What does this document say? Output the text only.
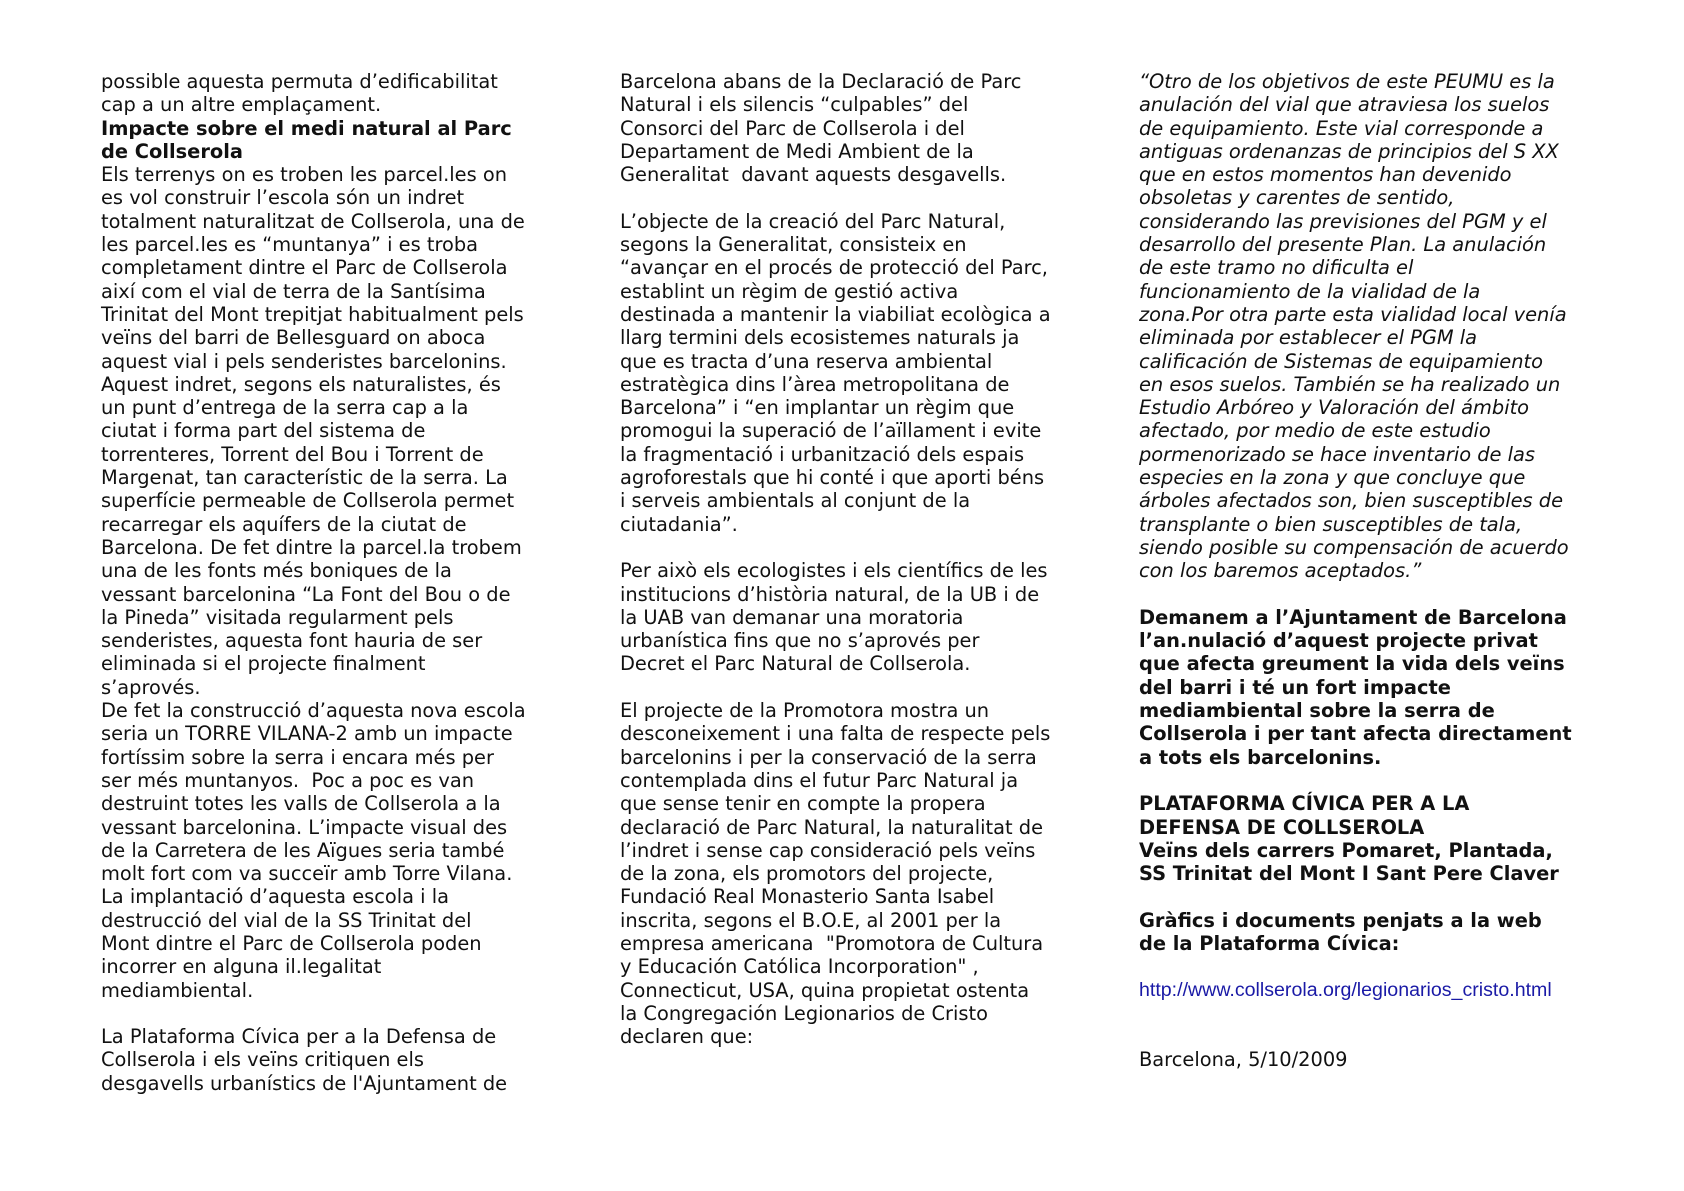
possible aquesta permuta d’edificabilitat
cap a un altre emplaçament.
Impacte sobre el medi natural al Parc
de Collserola
Els terrenys on es troben les parcel.les on
es vol construir l’escola són un indret
totalment naturalitzat de Collserola, una de
les parcel.les es “muntanya” i es troba
completament dintre el Parc de Collserola
així com el vial de terra de la Santísima
Trinitat del Mont trepitjat habitualment pels
veïns del barri de Bellesguard on aboca
aquest vial i pels senderistes barcelonins.
Aquest indret, segons els naturalistes, és
un punt d’entrega de la serra cap a la
ciutat i forma part del sistema de
torrenteres, Torrent del Bou i Torrent de
Margenat, tan característic de la serra. La
superfície permeable de Collserola permet
recarregar els aquífers de la ciutat de
Barcelona. De fet dintre la parcel.la trobem
una de les fonts més boniques de la
vessant barcelonina “La Font del Bou o de
la Pineda” visitada regularment pels
senderistes, aquesta font hauria de ser
eliminada si el projecte finalment
s’aprovés.
De fet la construcció d’aquesta nova escola
seria un TORRE VILANA-2 amb un impacte
fortíssim sobre la serra i encara més per
ser més muntanyos.  Poc a poc es van
destruint totes les valls de Collserola a la
vessant barcelonina. L’impacte visual des
de la Carretera de les Aïgues seria també
molt fort com va succeïr amb Torre Vilana.
La implantació d’aquesta escola i la
destrucció del vial de la SS Trinitat del
Mont dintre el Parc de Collserola poden
incorrer en alguna il.legalitat
mediambiental.
La Plataforma Cívica per a la Defensa de
Collserola i els veïns critiquen els
desgavells urbanístics de l'Ajuntament de
Barcelona abans de la Declaració de Parc
Natural i els silencis “culpables” del
Consorci del Parc de Collserola i del
Departament de Medi Ambient de la
Generalitat  davant aquests desgavells.
L’objecte de la creació del Parc Natural,
segons la Generalitat, consisteix en
“avançar en el procés de protecció del Parc,
establint un règim de gestió activa
destinada a mantenir la viabiliat ecològica a
llarg termini dels ecosistemes naturals ja
que es tracta d’una reserva ambiental
estratègica dins l’àrea metropolitana de
Barcelona” i “en implantar un règim que
promogui la superació de l’aïllament i evite
la fragmentació i urbanització dels espais
agroforestals que hi conté i que aporti béns
i serveis ambientals al conjunt de la
ciutadania”.
Per això els ecologistes i els científics de les
institucions d’història natural, de la UB i de
la UAB van demanar una moratoria
urbanística fins que no s’aprovés per
Decret el Parc Natural de Collserola.
El projecte de la Promotora mostra un
desconeixement i una falta de respecte pels
barcelonins i per la conservació de la serra
contemplada dins el futur Parc Natural ja
que sense tenir en compte la propera
declaració de Parc Natural, la naturalitat de
l’indret i sense cap consideració pels veïns
de la zona, els promotors del projecte,
Fundació Real Monasterio Santa Isabel
inscrita, segons el B.O.E, al 2001 per la
empresa americana  "Promotora de Cultura
y Educación Católica Incorporation" ,
Connecticut, USA, quina propietat ostenta
la Congregación Legionarios de Cristo
declaren que:
“Otro de los objetivos de este PEUMU es la
anulación del vial que atraviesa los suelos
de equipamiento. Este vial corresponde a
antiguas ordenanzas de principios del S XX
que en estos momentos han devenido
obsoletas y carentes de sentido,
considerando las previsiones del PGM y el
desarrollo del presente Plan. La anulación
de este tramo no dificulta el
funcionamiento de la vialidad de la
zona.Por otra parte esta vialidad local venía
eliminada por establecer el PGM la
calificación de Sistemas de equipamiento
en esos suelos. También se ha realizado un
Estudio Arbóreo y Valoración del ámbito
afectado, por medio de este estudio
pormenorizado se hace inventario de las
especies en la zona y que concluye que
árboles afectados son, bien susceptibles de
transplante o bien susceptibles de tala,
siendo posible su compensación de acuerdo
con los baremos aceptados.”
Demanem a l’Ajuntament de Barcelona
l’an.nulació d’aquest projecte privat
que afecta greument la vida dels veïns
del barri i té un fort impacte
mediambiental sobre la serra de
Collserola i per tant afecta directament
a tots els barcelonins.
PLATAFORMA CÍVICA PER A LA
DEFENSA DE COLLSEROLA
Veïns dels carrers Pomaret, Plantada,
SS Trinitat del Mont I Sant Pere Claver
Gràfics i documents penjats a la web
de la Plataforma Cívica:
http://www.collserola.org/legionarios_cristo.html
Barcelona, 5/10/2009
